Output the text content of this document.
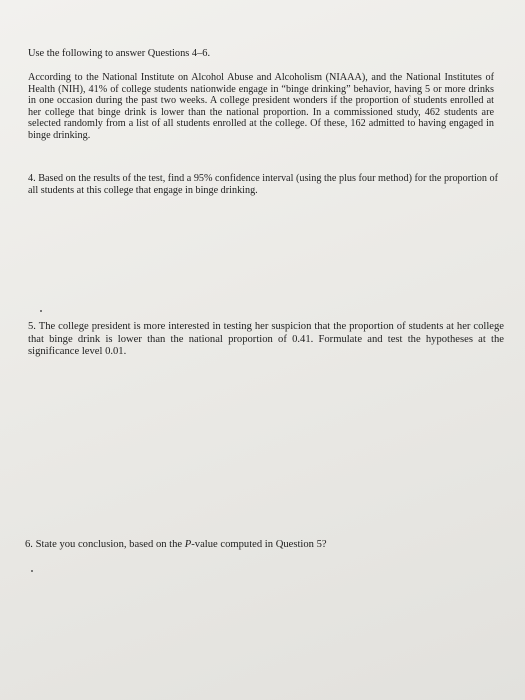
Use the following to answer Questions 4–6.
According to the National Institute on Alcohol Abuse and Alcoholism (NIAAA), and the National Institutes of Health (NIH), 41% of college students nationwide engage in “binge drinking” behavior, having 5 or more drinks in one occasion during the past two weeks. A college president wonders if the proportion of students enrolled at her college that binge drink is lower than the national proportion. In a commissioned study, 462 students are selected randomly from a list of all students enrolled at the college. Of these, 162 admitted to having engaged in binge drinking.
4. Based on the results of the test, find a 95% confidence interval (using the plus four method) for the proportion of all students at this college that engage in binge drinking.
5. The college president is more interested in testing her suspicion that the proportion of students at her college that binge drink is lower than the national proportion of 0.41. Formulate and test the hypotheses at the significance level 0.01.
6. State you conclusion, based on the P-value computed in Question 5?
